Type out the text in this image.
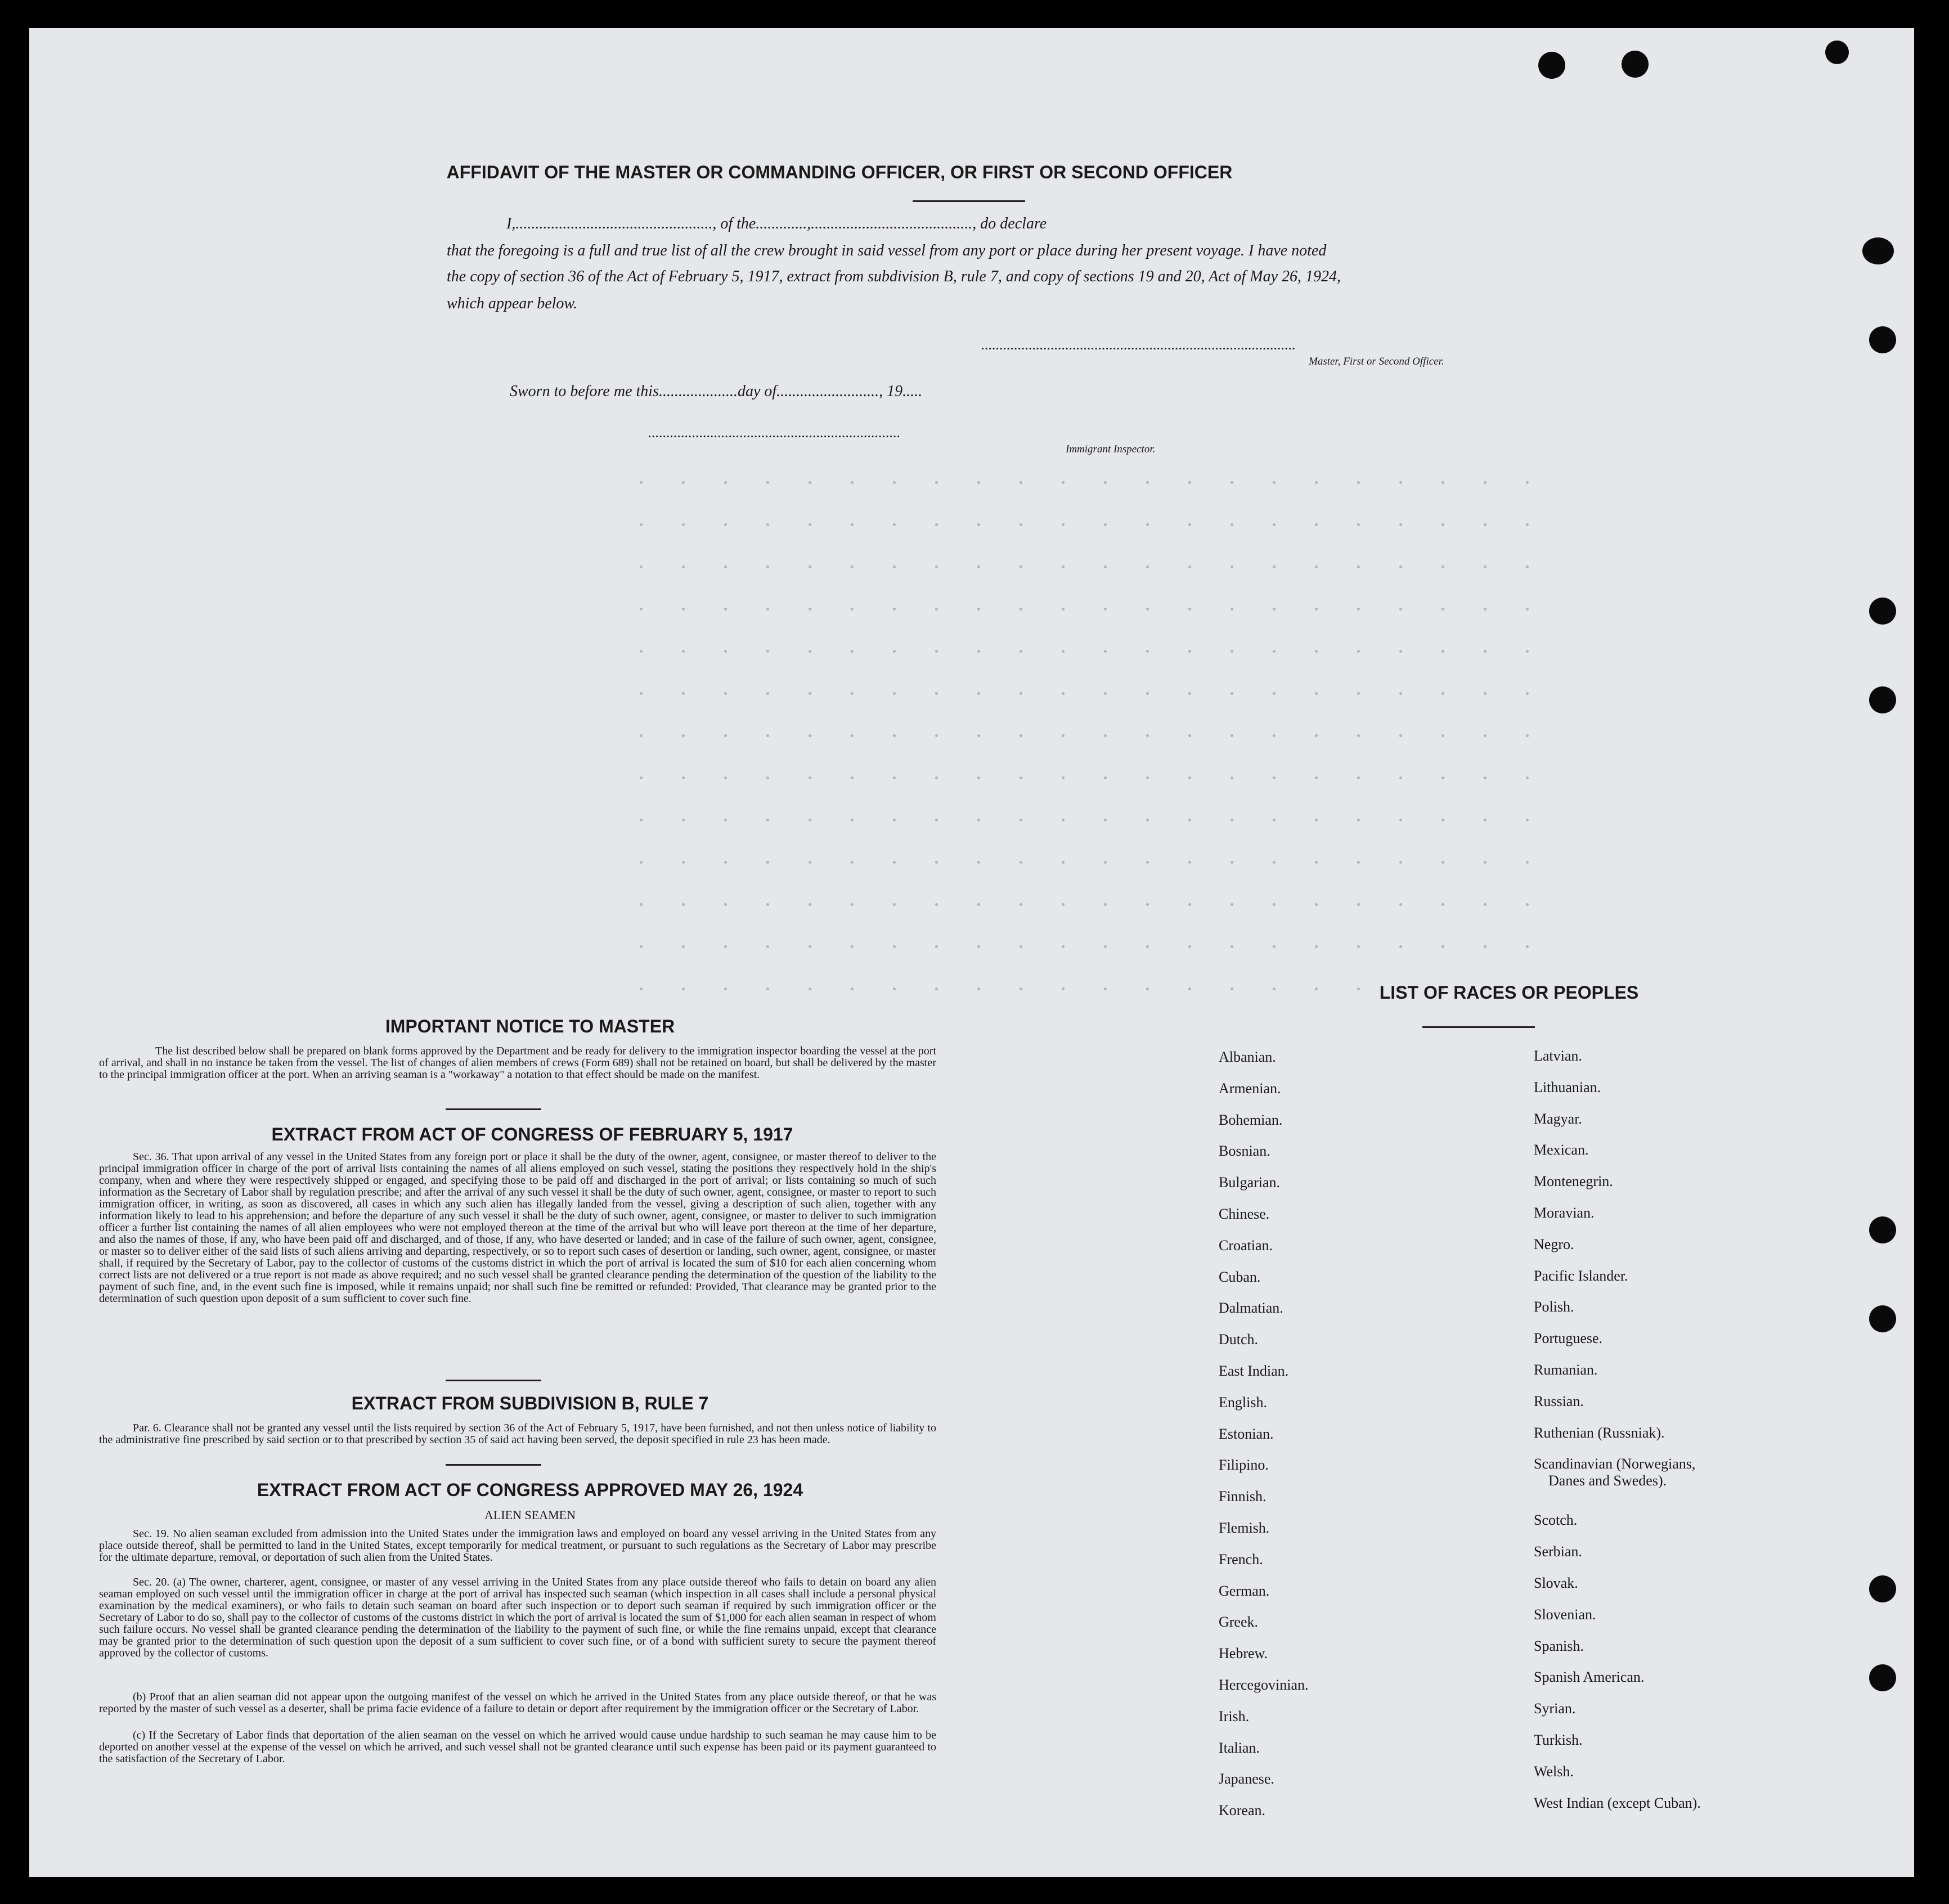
AFFIDAVIT OF THE MASTER OR COMMANDING OFFICER, OR FIRST OR SECOND OFFICER
I,.................................................., of the.............,........................................., do declare
that the foregoing is a full and true list of all the crew brought in said vessel from any port or place during her present voyage. I have noted
the copy of section 36 of the Act of February 5, 1917, extract from subdivision B, rule 7, and copy of sections 19 and 20, Act of May 26, 1924,
which appear below.
......................................................................................
Master, First or Second Officer.
Sworn to before me this....................day of.........................., 19.....
.....................................................................
Immigrant Inspector.
IMPORTANT NOTICE TO MASTER
The list described below shall be prepared on blank forms approved by the Department and be ready for delivery to the immigration inspector boarding the vessel at the port of arrival, and shall in no instance be taken from the vessel. The list of changes of alien members of crews (Form 689) shall not be retained on board, but shall be delivered by the master to the principal immigration officer at the port. When an arriving seaman is a "workaway" a notation to that effect should be made on the manifest.
EXTRACT FROM ACT OF CONGRESS OF FEBRUARY 5, 1917
Sec. 36. That upon arrival of any vessel in the United States from any foreign port or place it shall be the duty of the owner, agent, consignee, or master thereof to deliver to the principal immigration officer in charge of the port of arrival lists containing the names of all aliens employed on such vessel, stating the positions they respectively hold in the ship's company, when and where they were respectively shipped or engaged, and specifying those to be paid off and discharged in the port of arrival; or lists containing so much of such information as the Secretary of Labor shall by regulation prescribe; and after the arrival of any such vessel it shall be the duty of such owner, agent, consignee, or master to report to such immigration officer, in writing, as soon as discovered, all cases in which any such alien has illegally landed from the vessel, giving a description of such alien, together with any information likely to lead to his apprehension; and before the departure of any such vessel it shall be the duty of such owner, agent, consignee, or master to deliver to such immigration officer a further list containing the names of all alien employees who were not employed thereon at the time of the arrival but who will leave port thereon at the time of her departure, and also the names of those, if any, who have been paid off and discharged, and of those, if any, who have deserted or landed; and in case of the failure of such owner, agent, consignee, or master so to deliver either of the said lists of such aliens arriving and departing, respectively, or so to report such cases of desertion or landing, such owner, agent, consignee, or master shall, if required by the Secretary of Labor, pay to the collector of customs of the customs district in which the port of arrival is located the sum of $10 for each alien concerning whom correct lists are not delivered or a true report is not made as above required; and no such vessel shall be granted clearance pending the determination of the question of the liability to the payment of such fine, and, in the event such fine is imposed, while it remains unpaid; nor shall such fine be remitted or refunded: Provided, That clearance may be granted prior to the determination of such question upon deposit of a sum sufficient to cover such fine.
EXTRACT FROM SUBDIVISION B, RULE 7
Par. 6. Clearance shall not be granted any vessel until the lists required by section 36 of the Act of February 5, 1917, have been furnished, and not then unless notice of liability to the administrative fine prescribed by said section or to that prescribed by section 35 of said act having been served, the deposit specified in rule 23 has been made.
EXTRACT FROM ACT OF CONGRESS APPROVED MAY 26, 1924
ALIEN SEAMEN
Sec. 19. No alien seaman excluded from admission into the United States under the immigration laws and employed on board any vessel arriving in the United States from any place outside thereof, shall be permitted to land in the United States, except temporarily for medical treatment, or pursuant to such regulations as the Secretary of Labor may prescribe for the ultimate departure, removal, or deportation of such alien from the United States.
Sec. 20. (a) The owner, charterer, agent, consignee, or master of any vessel arriving in the United States from any place outside thereof who fails to detain on board any alien seaman employed on such vessel until the immigration officer in charge at the port of arrival has inspected such seaman (which inspection in all cases shall include a personal physical examination by the medical examiners), or who fails to detain such seaman on board after such inspection or to deport such seaman if required by such immigration officer or the Secretary of Labor to do so, shall pay to the collector of customs of the customs district in which the port of arrival is located the sum of $1,000 for each alien seaman in respect of whom such failure occurs. No vessel shall be granted clearance pending the determination of the liability to the payment of such fine, or while the fine remains unpaid, except that clearance may be granted prior to the determination of such question upon the deposit of a sum sufficient to cover such fine, or of a bond with sufficient surety to secure the payment thereof approved by the collector of customs.
(b) Proof that an alien seaman did not appear upon the outgoing manifest of the vessel on which he arrived in the United States from any place outside thereof, or that he was reported by the master of such vessel as a deserter, shall be prima facie evidence of a failure to detain or deport after requirement by the immigration officer or the Secretary of Labor.
(c) If the Secretary of Labor finds that deportation of the alien seaman on the vessel on which he arrived would cause undue hardship to such seaman he may cause him to be deported on another vessel at the expense of the vessel on which he arrived, and such vessel shall not be granted clearance until such expense has been paid or its payment guaranteed to the satisfaction of the Secretary of Labor.
LIST OF RACES OR PEOPLES
Albanian.
Armenian.
Bohemian.
Bosnian.
Bulgarian.
Chinese.
Croatian.
Cuban.
Dalmatian.
Dutch.
East Indian.
English.
Estonian.
Filipino.
Finnish.
Flemish.
French.
German.
Greek.
Hebrew.
Hercegovinian.
Irish.
Italian.
Japanese.
Korean.
Latvian.
Lithuanian.
Magyar.
Mexican.
Montenegrin.
Moravian.
Negro.
Pacific Islander.
Polish.
Portuguese.
Rumanian.
Russian.
Ruthenian (Russniak).
Scandinavian (Norwegians,
Danes and Swedes).
Scotch.
Serbian.
Slovak.
Slovenian.
Spanish.
Spanish American.
Syrian.
Turkish.
Welsh.
West Indian (except Cuban).
